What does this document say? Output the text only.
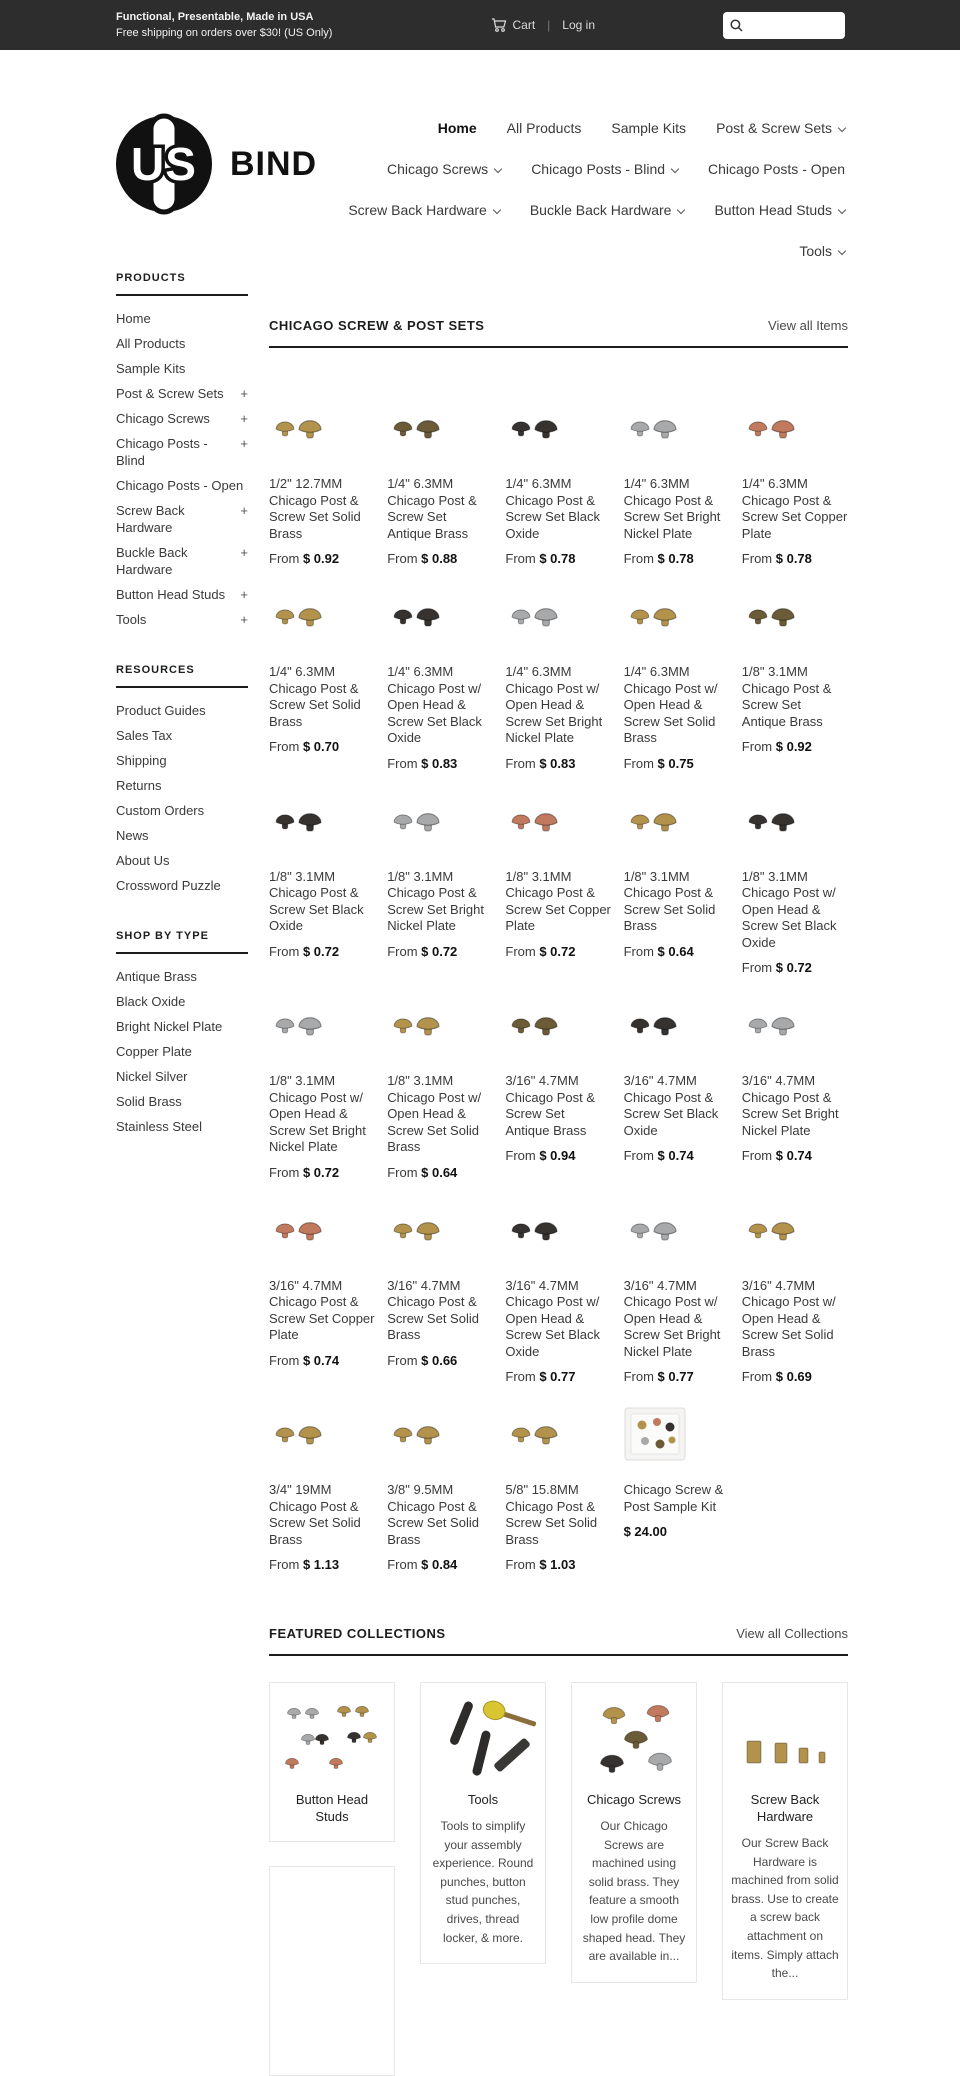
Functional, Presentable, Made in USA
Free shipping on orders over $30! (US Only)
Cart | Log in
US BIND
Home All Products Sample Kits Post & Screw Sets
Chicago Screws	Chicago Posts - Blind	Chicago Posts - Open
Screw Back Hardware	Buckle Back Hardware	Button Head Studs
Tools
PRODUCTS
Home
All Products
Sample Kits
Post & Screw Sets +
Chicago Screws +
Chicago Posts - Blind
+
Chicago Posts - Open
Screw Back Hardware
+
Buckle Back Hardware
+
Button Head Studs +
Tools	+
RESOURCES
Product Guides
Sales Tax
Shipping
Returns
Custom Orders
News
About Us
Crossword Puzzle
SHOP BY TYPE
Antique Brass
Black Oxide
Bright Nickel Plate
Copper Plate
Nickel Silver
Solid Brass
Stainless Steel
CHICAGO SCREW & POST SETS	View all Items
1/2" 12.7MM Chicago Post & Screw Set Solid Brass
From $ 0.92
1/4" 6.3MM Chicago Post & Screw Set Antique Brass
From $ 0.88
1/4" 6.3MM Chicago Post & Screw Set Black Oxide
From $ 0.78
1/4" 6.3MM Chicago Post & Screw Set Bright Nickel Plate
From $ 0.78
1/4" 6.3MM Chicago Post & Screw Set Copper Plate
From $ 0.78
1/4" 6.3MM Chicago Post & Screw Set Solid Brass
From $ 0.70
1/4" 6.3MM Chicago Post w/ Open Head & Screw Set Black Oxide
From $ 0.83
1/4" 6.3MM Chicago Post w/ Open Head & Screw Set Bright Nickel Plate
From $ 0.83
1/4" 6.3MM Chicago Post w/ Open Head & Screw Set Solid Brass
From $ 0.75
1/8" 3.1MM Chicago Post & Screw Set Antique Brass
From $ 0.92
1/8" 3.1MM Chicago Post & Screw Set Black Oxide
From $ 0.72
1/8" 3.1MM Chicago Post & Screw Set Bright Nickel Plate
From $ 0.72
1/8" 3.1MM Chicago Post & Screw Set Copper Plate
From $ 0.72
1/8" 3.1MM Chicago Post & Screw Set Solid Brass
From $ 0.64
1/8" 3.1MM Chicago Post w/ Open Head & Screw Set Black Oxide
From $ 0.72
1/8" 3.1MM Chicago Post w/ Open Head & Screw Set Bright Nickel Plate
From $ 0.72
1/8" 3.1MM Chicago Post w/ Open Head & Screw Set Solid Brass
From $ 0.64
3/16" 4.7MM Chicago Post & Screw Set Antique Brass
From $ 0.94
3/16" 4.7MM Chicago Post & Screw Set Black Oxide
From $ 0.74
3/16" 4.7MM Chicago Post & Screw Set Bright Nickel Plate
From $ 0.74
3/16" 4.7MM Chicago Post & Screw Set Copper Plate
From $ 0.74
3/16" 4.7MM Chicago Post & Screw Set Solid Brass
From $ 0.66
3/16" 4.7MM Chicago Post w/ Open Head & Screw Set Black Oxide
From $ 0.77
3/16" 4.7MM Chicago Post w/ Open Head & Screw Set Bright Nickel Plate
From $ 0.77
3/16" 4.7MM Chicago Post w/ Open Head & Screw Set Solid Brass
From $ 0.69
3/4" 19MM Chicago Post & Screw Set Solid Brass
From $ 1.13
3/8" 9.5MM Chicago Post & Screw Set Solid Brass
From $ 0.84
5/8" 15.8MM Chicago Post & Screw Set Solid Brass
From $ 1.03
Chicago Screw & Post Sample Kit
$ 24.00
FEATURED COLLECTIONS	View all Collections
Button Head Studs
Tools
Tools to simplify your assembly experience. Round punches, button stud punches, drives, thread locker, & more.
Chicago Screws
Our Chicago Screws are machined using solid brass. They feature a smooth low profile dome shaped head. They are available in...
Screw Back Hardware
Our Screw Back Hardware is machined from solid brass. Use to create a screw back attachment on items. Simply attach the...
